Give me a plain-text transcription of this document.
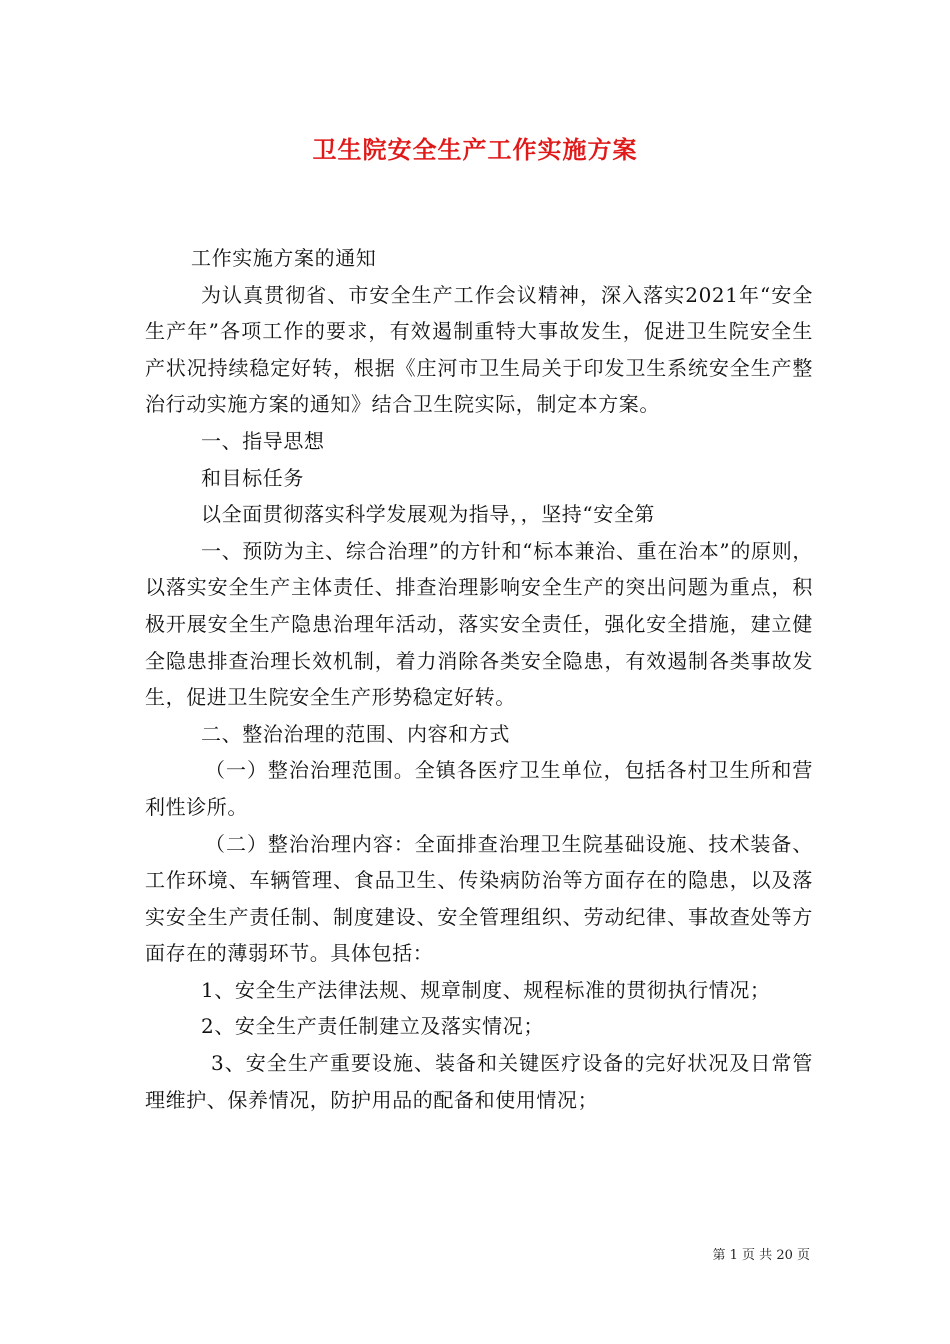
卫生院安全生产工作实施方案

工作实施方案的通知

为认真贯彻省、市安全生产工作会议精神，深入落实2021年“安全生产年”各项工作的要求，有效遏制重特大事故发生，促进卫生院安全生产状况持续稳定好转，根据《庄河市卫生局关于印发卫生系统安全生产整治行动实施方案的通知》结合卫生院实际，制定本方案。

一、指导思想

和目标任务

以全面贯彻落实科学发展观为指导，，坚持“安全第

一、预防为主、综合治理”的方针和“标本兼治、重在治本”的原则，以落实安全生产主体责任、排查治理影响安全生产的突出问题为重点，积极开展安全生产隐患治理年活动，落实安全责任，强化安全措施，建立健全隐患排查治理长效机制，着力消除各类安全隐患，有效遏制各类事故发生，促进卫生院安全生产形势稳定好转。

二、整治治理的范围、内容和方式

（一）整治治理范围。全镇各医疗卫生单位，包括各村卫生所和营利性诊所。

（二）整治治理内容：全面排查治理卫生院基础设施、技术装备、工作环境、车辆管理、食品卫生、传染病防治等方面存在的隐患，以及落实安全生产责任制、制度建设、安全管理组织、劳动纪律、事故查处等方面存在的薄弱环节。具体包括：

1、安全生产法律法规、规章制度、规程标准的贯彻执行情况；

2、安全生产责任制建立及落实情况；

3、安全生产重要设施、装备和关键医疗设备的完好状况及日常管理维护、保养情况，防护用品的配备和使用情况；

第 1 页 共 20 页
